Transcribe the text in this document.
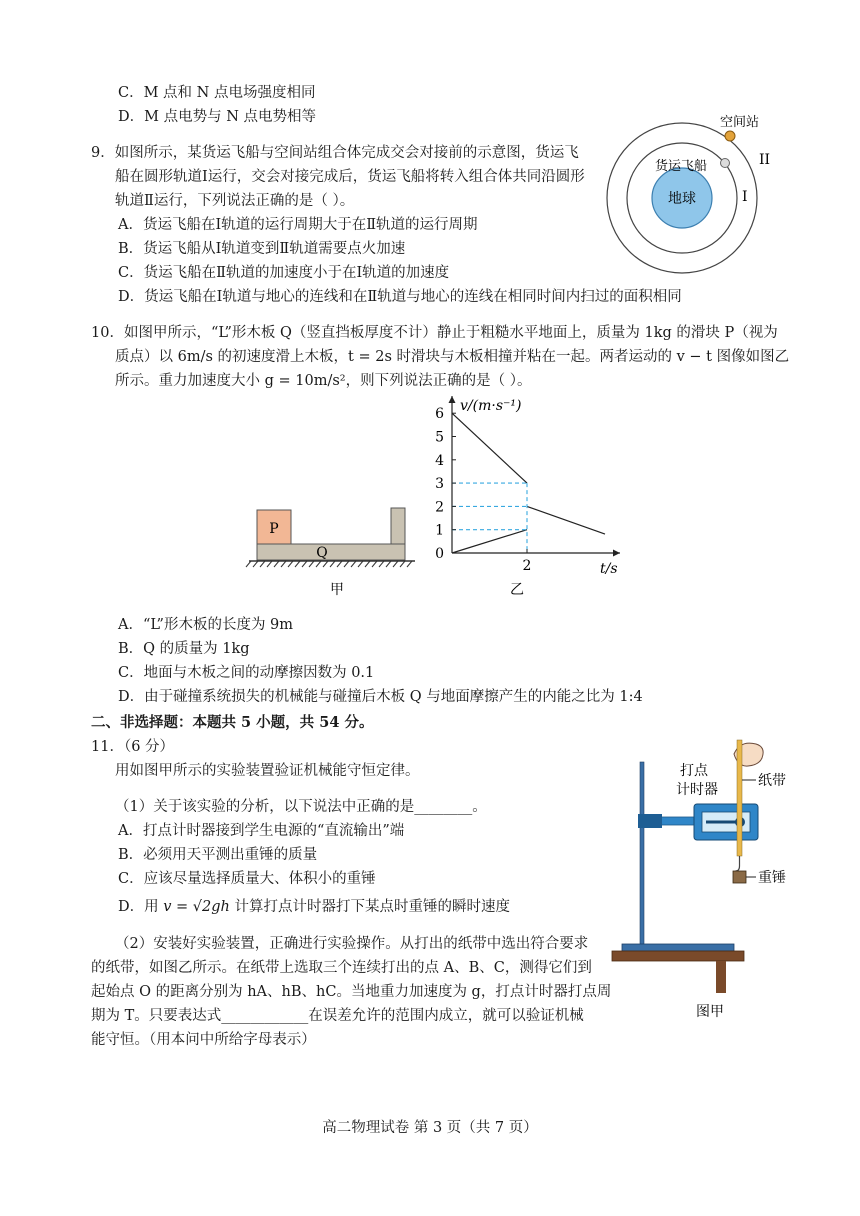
C．M 点和 N 点电场强度相同
D．M 点电势与 N 点电势相等
9．如图所示，某货运飞船与空间站组合体完成交会对接前的示意图，货运飞
船在圆形轨道Ⅰ运行，交会对接完成后，货运飞船将转入组合体共同沿圆形
轨道Ⅱ运行，下列说法正确的是（ ）。
A．货运飞船在Ⅰ轨道的运行周期大于在Ⅱ轨道的运行周期
B．货运飞船从Ⅰ轨道变到Ⅱ轨道需要点火加速
C．货运飞船在Ⅱ轨道的加速度小于在Ⅰ轨道的加速度
D．货运飞船在Ⅰ轨道与地心的连线和在Ⅱ轨道与地心的连线在相同时间内扫过的面积相同
地球
空间站
货运飞船
I
II
10．如图甲所示，“L”形木板 Q（竖直挡板厚度不计）静止于粗糙水平地面上，质量为 1kg 的滑块 P（视为
质点）以 6m/s 的初速度滑上木板，t = 2s 时滑块与木板相撞并粘在一起。两者运动的 v − t 图像如图乙
所示。重力加速度大小 g = 10m/s²，则下列说法正确的是（ ）。
P
Q
甲
v/(m·s⁻¹)
t/s
0
1
2
3
4
5
6
2
乙
A．“L”形木板的长度为 9m
B．Q 的质量为 1kg
C．地面与木板之间的动摩擦因数为 0.1
D．由于碰撞系统损失的机械能与碰撞后木板 Q 与地面摩擦产生的内能之比为 1:4
二、非选择题：本题共 5 小题，共 54 分。
11．（6 分）
用如图甲所示的实验装置验证机械能守恒定律。
（1）关于该实验的分析，以下说法中正确的是________。
A．打点计时器接到学生电源的“直流输出”端
B．必须用天平测出重锤的质量
C．应该尽量选择质量大、体积小的重锤
D．用 v = √2gh 计算打点计时器打下某点时重锤的瞬时速度
（2）安装好实验装置，正确进行实验操作。从打出的纸带中选出符合要求
的纸带，如图乙所示。在纸带上选取三个连续打出的点 A、B、C，测得它们到
起始点 O 的距离分别为 hA、hB、hC。当地重力加速度为 g，打点计时器打点周
期为 T。只要表达式____________在误差允许的范围内成立，就可以验证机械
能守恒。（用本问中所给字母表示）
打点
计时器
纸带
重锤
图甲
高二物理试卷 第 3 页（共 7 页）
